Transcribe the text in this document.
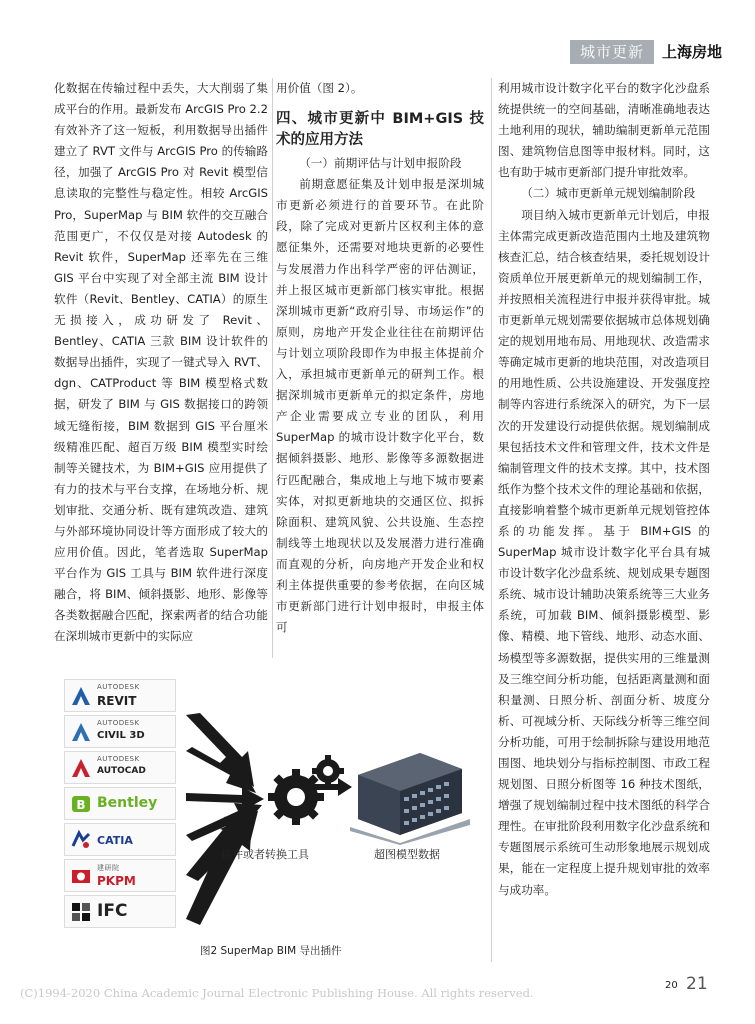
城市更新	上海房地

化数据在传输过程中丢失，大大削弱了集成平台的作用。最新发布 ArcGIS Pro 2.2 有效补齐了这一短板，利用数据导出插件建立了 RVT 文件与 ArcGIS Pro 的传输路径，加强了 ArcGIS Pro 对 Revit 模型信息读取的完整性与稳定性。相较 ArcGIS Pro，SuperMap 与 BIM 软件的交互融合范围更广，不仅仅是对接 Autodesk 的 Revit 软件，SuperMap 还率先在三维 GIS 平台中实现了对全部主流 BIM 设计软件（Revit、Bentley、CATIA）的原生无损接入，成功研发了 Revit、Bentley、CATIA 三款 BIM 设计软件的数据导出插件，实现了一键式导入 RVT、dgn、CATProduct 等 BIM 模型格式数据，研发了 BIM 与 GIS 数据接口的跨领域无缝衔接，BIM 数据到 GIS 平台厘米级精准匹配、超百万级 BIM 模型实时绘制等关键技术，为 BIM+GIS 应用提供了有力的技术与平台支撑，在场地分析、规划审批、交通分析、既有建筑改造、建筑与外部环境协同设计等方面形成了较大的应用价值。因此，笔者选取 SuperMap 平台作为 GIS 工具与 BIM 软件进行深度融合，将 BIM、倾斜摄影、地形、影像等各类数据融合匹配，探索两者的结合功能在深圳城市更新中的实际应

用价值（图 2）。

四、城市更新中 BIM+GIS 技术的应用方法

（一）前期评估与计划申报阶段

前期意愿征集及计划申报是深圳城市更新必须进行的首要环节。在此阶段，除了完成对更新片区权利主体的意愿征集外，还需要对地块更新的必要性与发展潜力作出科学严密的评估测证，并上报区城市更新部门核实审批。根据深圳城市更新“政府引导、市场运作”的原则，房地产开发企业往往在前期评估与计划立项阶段即作为申报主体提前介入，承担城市更新单元的研判工作。根据深圳城市更新单元的拟定条件，房地产企业需要成立专业的团队，利用 SuperMap 的城市设计数字化平台，数据倾斜摄影、地形、影像等多源数据进行匹配融合，集成地上与地下城市要素实体，对拟更新地块的交通区位、拟拆除面积、建筑风貌、公共设施、生态控制线等土地现状以及发展潜力进行准确而直观的分析，向房地产开发企业和权利主体提供重要的参考依据，在向区城市更新部门进行计划申报时，申报主体可

利用城市设计数字化平台的数字化沙盘系统提供统一的空间基础，清晰准确地表达土地利用的现状，辅助编制更新单元范围图、建筑物信息图等申报材料。同时，这也有助于城市更新部门提升审批效率。

（二）城市更新单元规划编制阶段

项目纳入城市更新单元计划后，申报主体需完成更新改造范围内土地及建筑物核查汇总，结合核查结果，委托规划设计资质单位开展更新单元的规划编制工作，并按照相关流程进行申报并获得审批。城市更新单元规划需要依据城市总体规划确定的规划用地布局、用地现状、改造需求等确定城市更新的地块范围，对改造项目的用地性质、公共设施建设、开发强度控制等内容进行系统深入的研究，为下一层次的开发建设行动提供依据。规划编制成果包括技术文件和管理文件，技术文件是编制管理文件的技术支撑。其中，技术图纸作为整个技术文件的理论基础和依据，直接影响着整个城市更新单元规划管控体系的功能发挥。基于 BIM+GIS 的 SuperMap 城市设计数字化平台具有城市设计数字化沙盘系统、规划成果专题图系统、城市设计辅助决策系统等三大业务系统，可加载 BIM、倾斜摄影模型、影像、精模、地下管线、地形、动态水面、场模型等多源数据，提供实用的三维量测及三维空间分析功能，包括距离量测和面积量测、日照分析、剖面分析、坡度分析、可视域分析、天际线分析等三维空间分析功能，可用于绘制拆除与建设用地范围图、地块划分与指标控制图、市政工程规划图、日照分析图等 16 种技术图纸，增强了规划编制过程中技术图纸的科学合理性。在审批阶段利用数字化沙盘系统和专题图展示系统可生动形象地展示规划成果，能在一定程度上提升规划审批的效率与成功率。

AUTODESK
REVIT
AUTODESK
CIVIL 3D
AUTODESK
AUTOCAD
B Bentley
CATIA
建研院
PKPM
IFC
插件或者转换工具	超图模型数据
图2 SuperMap BIM 导出插件
(C)1994-2020 China Academic Journal Electronic Publishing House. All rights reserved.
20 21
